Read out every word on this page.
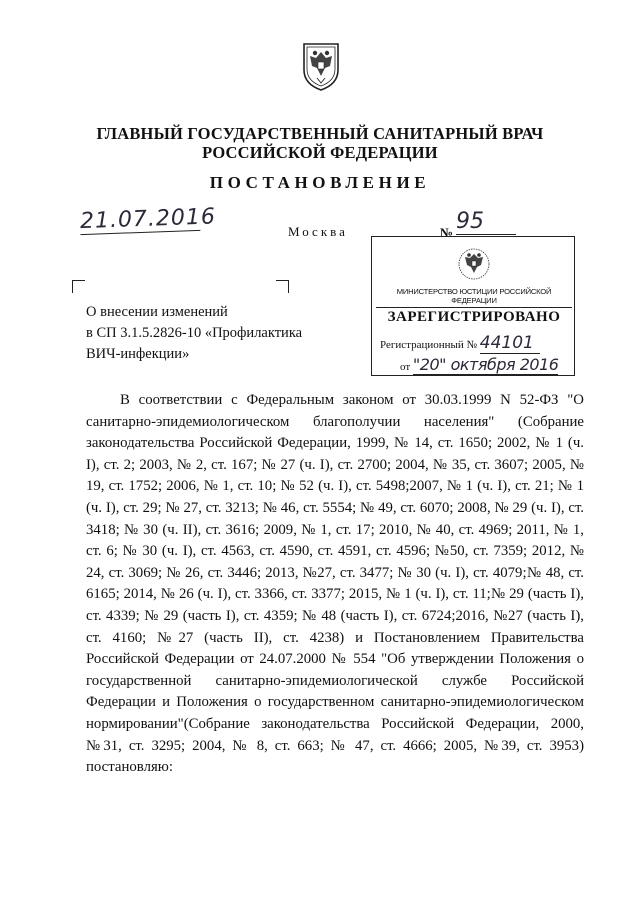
ГЛАВНЫЙ ГОСУДАРСТВЕННЫЙ САНИТАРНЫЙ ВРАЧ
РОССИЙСКОЙ ФЕДЕРАЦИИ
ПОСТАНОВЛЕНИЕ
21.07.2016	Москва	№ 95
МИНИСТЕРСТВО ЮСТИЦИИ РОССИЙСКОЙ ФЕДЕРАЦИИ
ЗАРЕГИСТРИРОВАНО
Регистрационный № 44101
от "20" октября 2016
О внесении изменений
в СП 3.1.5.2826-10 «Профилактика
ВИЧ-инфекции»

В соответствии с Федеральным законом от 30.03.1999 N 52-ФЗ "О санитарно-эпидемиологическом благополучии населения" (Собрание законодательства Российской Федерации, 1999, № 14, ст. 1650; 2002, № 1 (ч. I), ст. 2; 2003, № 2, ст. 167; № 27 (ч. I), ст. 2700; 2004, № 35, ст. 3607; 2005, № 19, ст. 1752; 2006, № 1, ст. 10; № 52 (ч. I), ст. 5498;2007, № 1 (ч. I), ст. 21; № 1 (ч. I), ст. 29; № 27, ст. 3213; № 46, ст. 5554; № 49, ст. 6070; 2008, № 29 (ч. I), ст. 3418; № 30 (ч. II), ст. 3616; 2009, № 1, ст. 17; 2010, № 40, ст. 4969; 2011, № 1, ст. 6; № 30 (ч. I), ст. 4563, ст. 4590, ст. 4591, ст. 4596; №50, ст. 7359; 2012, № 24, ст. 3069; № 26, ст. 3446; 2013, №27, ст. 3477; № 30 (ч. I), ст. 4079;№ 48, ст. 6165; 2014, № 26 (ч. I), ст. 3366, ст. 3377; 2015, № 1 (ч. I), ст. 11;№ 29 (часть I), ст. 4339; № 29 (часть I), ст. 4359; № 48 (часть I), ст. 6724;2016, №27 (часть I), ст. 4160; №27 (часть II), ст. 4238) и Постановлением Правительства Российской Федерации от 24.07.2000 № 554 "Об утверждении Положения о государственной санитарно-эпидемиологической службе Российской Федерации и Положения о государственном санитарно-эпидемиологическом нормировании"(Собрание законодательства Российской Федерации, 2000, №31, ст. 3295; 2004, № 8, ст. 663; № 47, ст. 4666; 2005, №39, ст. 3953) постановляю:
